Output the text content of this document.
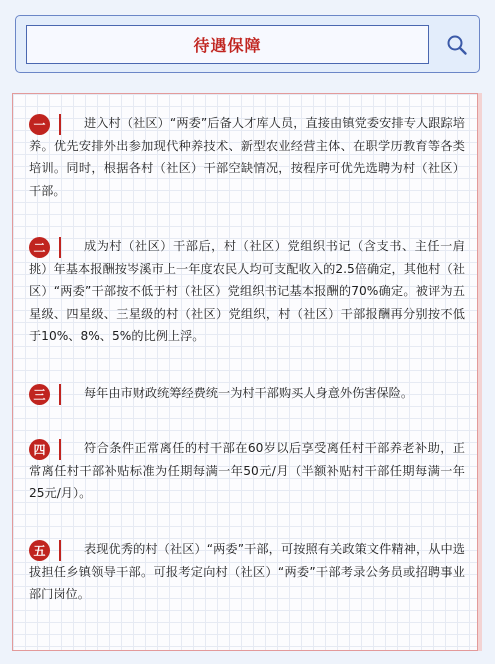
待遇保障
一	进入村（社区）“两委”后备人才库人员，直接由镇党委安排专人跟踪培养。优先安排外出参加现代种养技术、新型农业经营主体、在职学历教育等各类培训。同时，根据各村（社区）干部空缺情况，按程序可优先选聘为村（社区）干部。

二	成为村（社区）干部后，村（社区）党组织书记（含支书、主任一肩挑）年基本报酬按岑溪市上一年度农民人均可支配收入的2.5倍确定，其他村（社区）“两委”干部按不低于村（社区）党组织书记基本报酬的70%确定。被评为五星级、四星级、三星级的村（社区）党组织，村（社区）干部报酬再分别按不低于10%、8%、5%的比例上浮。

三	每年由市财政统筹经费统一为村干部购买人身意外伤害保险。

四	符合条件正常离任的村干部在60岁以后享受离任村干部养老补助，正常离任村干部补贴标准为任期每满一年50元/月（半额补贴村干部任期每满一年25元/月）。

五	表现优秀的村（社区）“两委”干部，可按照有关政策文件精神，从中选拔担任乡镇领导干部。可报考定向村（社区）“两委”干部考录公务员或招聘事业部门岗位。
